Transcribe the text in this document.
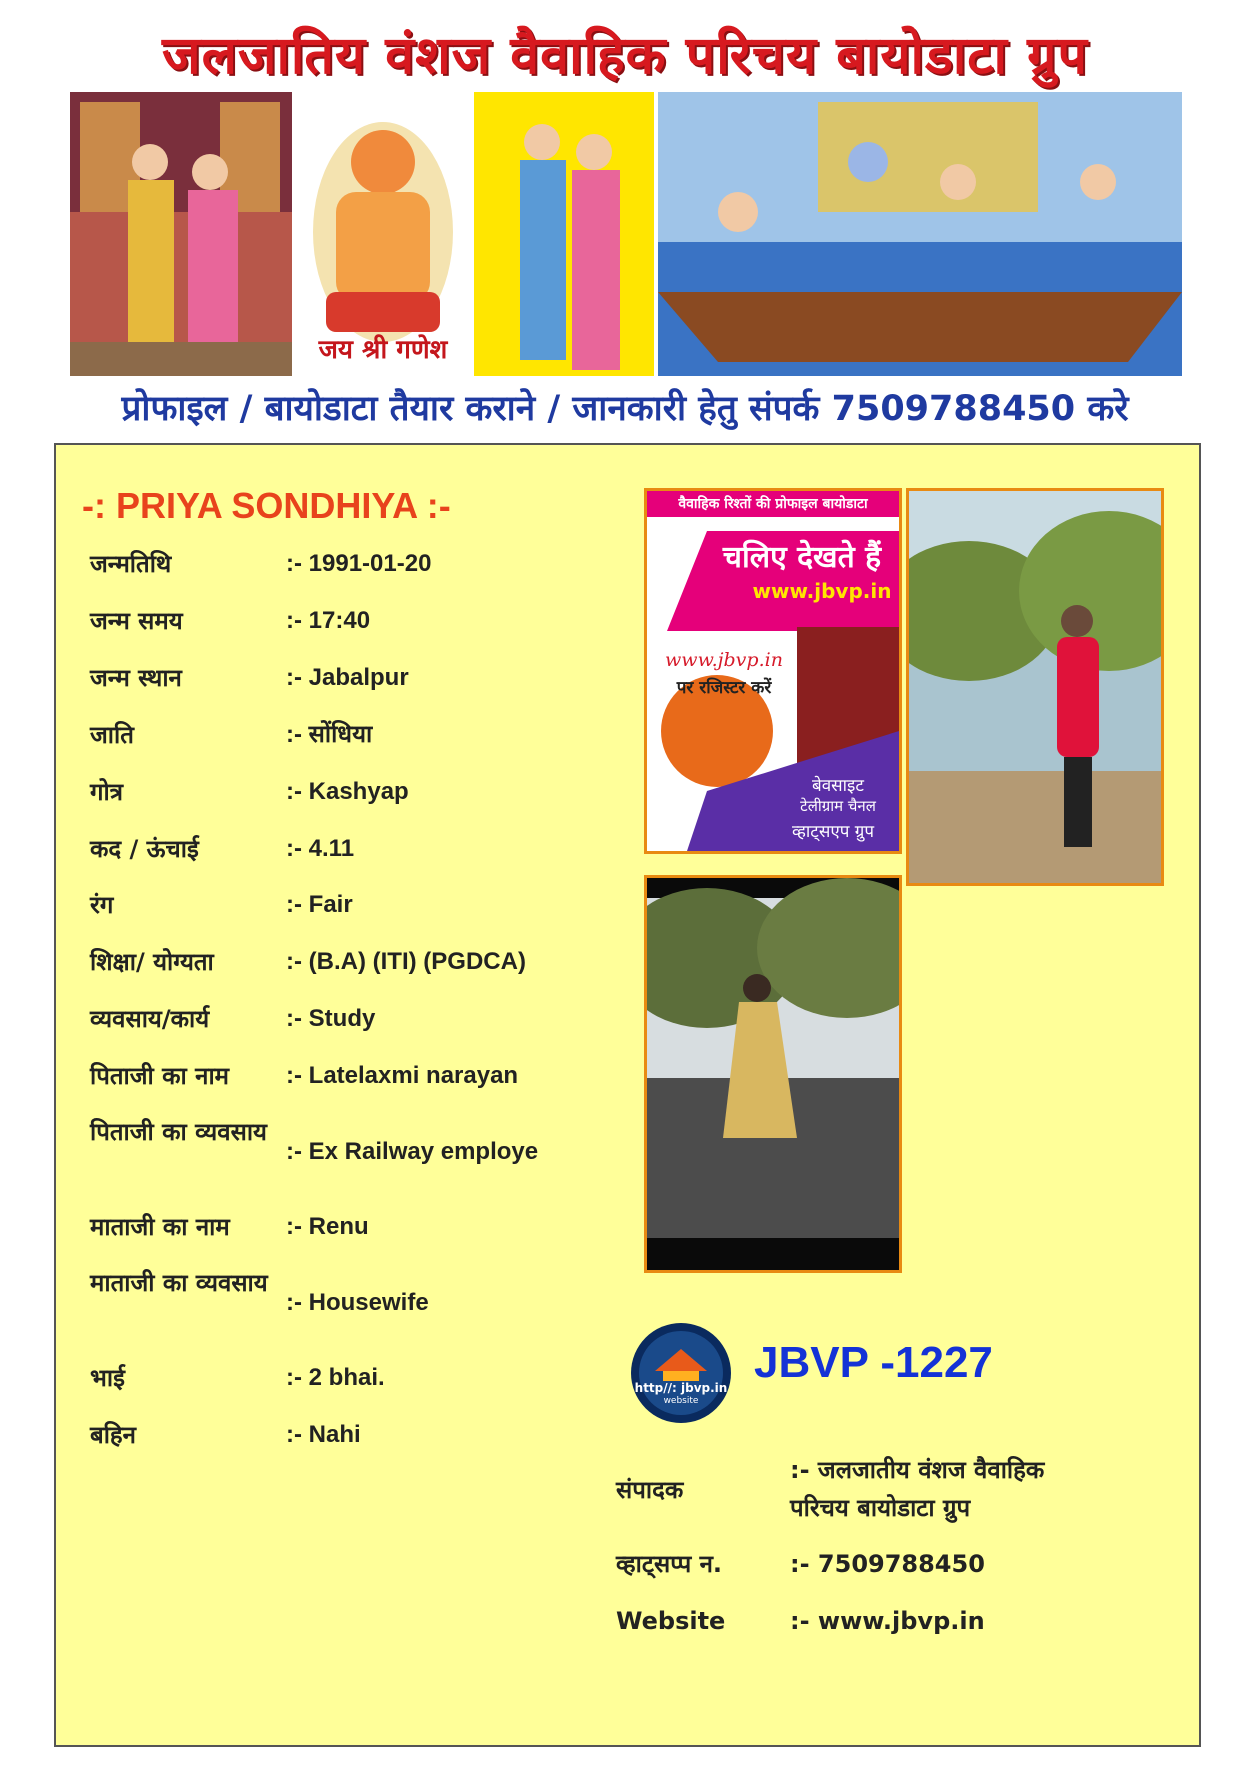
जलजातिय वंशज वैवाहिक परिचय बायोडाटा ग्रुप
जय श्री गणेश
प्रोफाइल / बायोडाटा तैयार कराने / जानकारी हेतु संपर्क 7509788450 करे
-: PRIYA SONDHIYA :-
जन्मतिथि	:- 1991-01-20
जन्म समय	:- 17:40
जन्म स्थान	:- Jabalpur
जाति	:- सोंधिया
गोत्र	:- Kashyap
कद / ऊंचाई	:- 4.11
रंग	:- Fair
शिक्षा/ योग्यता	:- (B.A) (ITI) (PGDCA)
व्यवसाय/कार्य	:- Study
पिताजी का नाम	:- Latelaxmi narayan
पिताजी का व्यवसाय
:- Ex Railway employe
माताजी का नाम	:- Renu
माताजी का व्यवसाय
:- Housewife
भाई	:- 2 bhai.
बहिन	:- Nahi
वैवाहिक रिश्तों की प्रोफाइल बायोडाटा
चलिए देखते हैं
www.jbvp.in
www.jbvp.in
पर रजिस्टर करें
बेवसाइट
टेलीग्राम चैनल
व्हाट्सएप ग्रुप
http//: jbvp.in
website
JBVP -1227
संपादक
:- जलजातीय वंशज वैवाहिक परिचय बायोडाटा ग्रुप
व्हाट्सप्प न.	:- 7509788450
Website	:- www.jbvp.in
